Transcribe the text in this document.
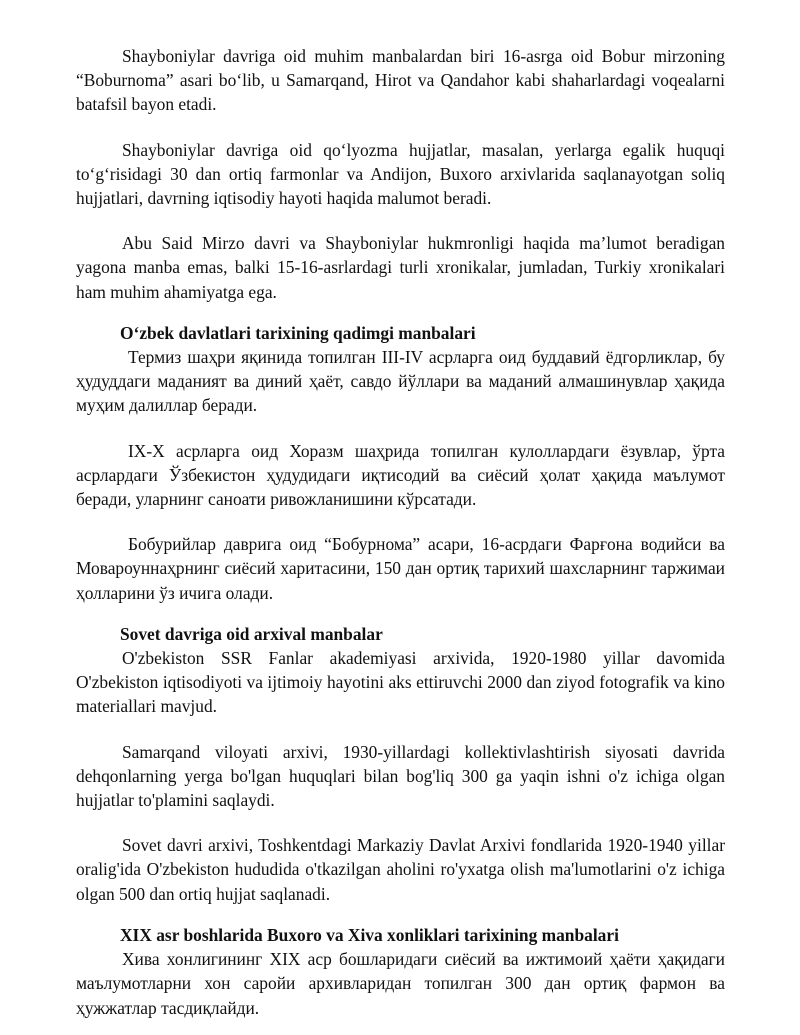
Shayboniylar davriga oid muhim manbalardan biri 16-asrga oid Bobur mirzoning “Boburnoma” asari bo‘lib, u Samarqand, Hirot va Qandahor kabi shaharlardagi voqealarni batafsil bayon etadi.

Shayboniylar davriga oid qo‘lyozma hujjatlar, masalan, yerlarga egalik huquqi to‘g‘risidagi 30 dan ortiq farmonlar va Andijon, Buxoro arxivlarida saqlanayotgan soliq hujjatlari, davrning iqtisodiy hayoti haqida malumot beradi.

Abu Said Mirzo davri va Shayboniylar hukmronligi haqida ma’lumot beradigan yagona manba emas, balki 15-16-asrlardagi turli xronikalar, jumladan, Turkiy xronikalari ham muhim ahamiyatga ega.

O‘zbek davlatlari tarixining qadimgi manbalari

Термиз шаҳри яқинида топилган III-IV асрларга оид буддавий ёдгорликлар, бу ҳудуддаги маданият ва диний ҳаёт, савдо йўллари ва маданий алмашинувлар ҳақида муҳим далиллар беради.

IX-X асрларга оид Хоразм шаҳрида топилган кулоллардаги ёзувлар, ўрта асрлардаги Ўзбекистон ҳудудидаги иқтисодий ва сиёсий ҳолат ҳақида маълумот беради, уларнинг саноати ривожланишини кўрсатади.

Бобурийлар даврига оид “Бобурнома” асари, 16-асрдаги Фарғона водийси ва Мовароуннаҳрнинг сиёсий харитасини, 150 дан ортиқ тарихий шахсларнинг таржимаи ҳолларини ўз ичига олади.

Sovet davriga oid arxival manbalar

O'zbekiston SSR Fanlar akademiyasi arxivida, 1920-1980 yillar davomida O'zbekiston iqtisodiyoti va ijtimoiy hayotini aks ettiruvchi 2000 dan ziyod fotografik va kino materiallari mavjud.

Samarqand viloyati arxivi, 1930-yillardagi kollektivlashtirish siyosati davrida dehqonlarning yerga bo'lgan huquqlari bilan bog'liq 300 ga yaqin ishni o'z ichiga olgan hujjatlar to'plamini saqlaydi.

Sovet davri arxivi, Toshkentdagi Markaziy Davlat Arxivi fondlarida 1920-1940 yillar oralig'ida O'zbekiston hududida o'tkazilgan aholini ro'yxatga olish ma'lumotlarini o'z ichiga olgan 500 dan ortiq hujjat saqlanadi.

XIX asr boshlarida Buxoro va Xiva xonliklari tarixining manbalari

Хива хонлигининг XIX аср бошларидаги сиёсий ва ижтимоий ҳаёти ҳақидаги маълумотларни хон саройи архивларидан топилган 300 дан ортиқ фармон ва ҳужжатлар тасдиқлайди.
